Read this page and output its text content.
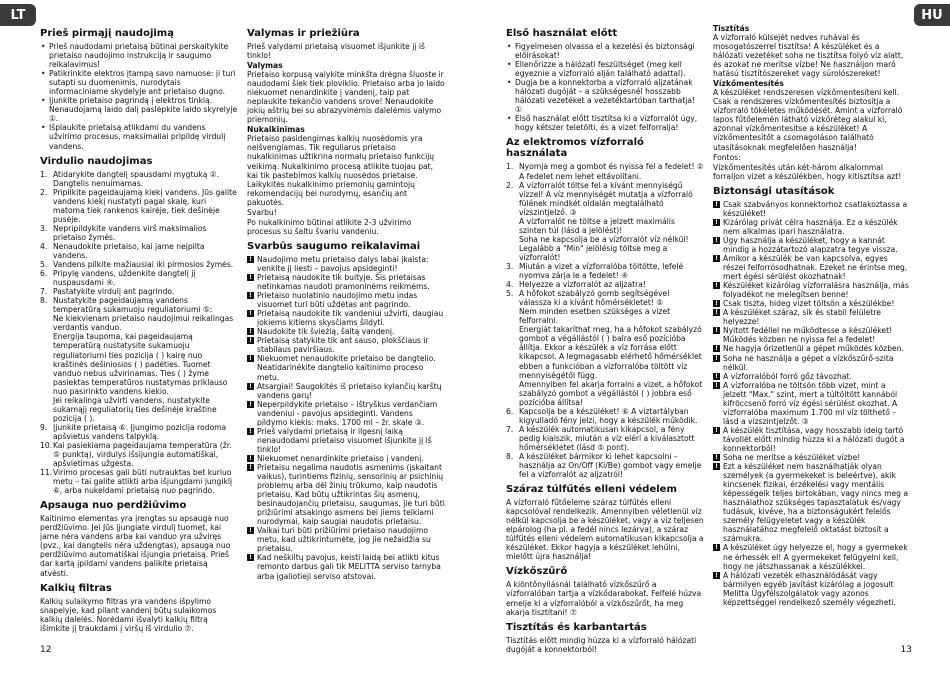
LT	HU
Prieš pirmąjį naudojimą
• Prieš naudodami prietaisą būtinai perskaitykite prietaiso naudojimo instrukciją ir saugumo reikalavimus!
• Patikrinkite elektros įtampą savo namuose: ji turi sutapti su duomenimis, nurodytais informaciniame skydelyje ant prietaiso dugno.
• Įjunkite prietaiso pagrindą į elektros tinklą. Nenaudojamą laido dalį paslėpkite laido skyrelyje ①.
• Išplaukite prietaisą atlikdami du vandens užvirimo procesus, maksimaliai pripildę virdulį vandens.
Virdulio naudojimas
1. Atidarykite dangtelį spausdami mygtuką ②. Dangtelis nenuimamas.
2. Pripilkite pageidaujamą kiekį vandens. Jūs galite vandens kiekį nustatyti pagal skalę, kuri matoma tiek rankenos kairėje, tiek dešinėje pusėje.
3. Nepripildykite vandens virš maksimalios prietaiso žymės.
4. Nenaudokite prietaiso, kai jame neįpilta vandens.
5. Vandens pilkite mažiausiai iki pirmosios žymės.
6. Pripylę vandens, uždenkite dangtelį jį nuspausdami ④.
7. Pastatykite virdulį ant pagrindo.
8. Nustatykite pageidaujamą vandens temperatūrą sukamuoju reguliatoriumi ⑤:
Ne kiekvienam prietaiso naudojimui reikalingas verdantis vanduo.
Energija taupoma, kai pageidaujamą temperatūrą nustatysite sukamuoju reguliatoriumi ties pozicija ( ) kairę nuo kraštinės dešiniosios ( ) padėties. Tuomet vanduo nebus užvirinamas. Ties ( ) žyme pasiektas temperatūros nustatymas priklauso nuo pasirinkto vandens kiekio.
Jei reikalinga užvirti vandens, nustatykite sukamąjį reguliatorių ties dešinėje kraštine pozicija ( ).
9. Įjunkite prietaisą ⑥. Įjungimo pozicija rodoma apšvietus vandens talpyklą.
10. Kai pasiekiama pageidaujama temperatūra (žr. ⑤ punktą), virdulys išsijungia automatiškai, apšvietimas užgesta.
11. Virimo procesas gali būti nutrauktas bet kuriuo metu – tai galite atlikti arba išjungdami jungiklį ⑥, arba nukeldami prietaisą nuo pagrindo.
Apsauga nuo perdžiūvimo

Kaitinimo elementas yra įrengtas su apsauga nuo perdžiūvimo. Jei Jūs įjungiate virdulį tuomet, kai jame nėra vandens arba kai vanduo yra užviręs (pvz., kai dangtelis nėra uždengtas), apsauga nuo perdžiūvimo automatiškai išjungia prietaisą. Prieš dar kartą įpildami vandens palikite prietaisą atvėsti.

Kalkių filtras

Kalkių sulaikymo filtras yra vandens išpylimo snapelyje, kad pilant vandenį būtų sulaikomos kalkių dalelės. Norėdami išvalyti kalkių filtrą išimkite jį traukdami į viršų iš virdulio ⑦.

Valymas ir priežiūra

Prieš valydami prietaisą visuomet išjunkite jį iš tinklo!

Valymas

Prietaiso korpusą valykite minkšta drėgna šluoste ir naudodami šiek tiek ploviklio. Prietaiso arba jo laido niekuomet nenardinkite į vandenį, taip pat neplaukite tekančio vandens srove! Nenaudokite jokių aštrių bei su abrazyvinėmis dalelėmis valymo priemonių.

Nukalkinimas

Prietaiso pasidengimas kalkių nuosėdomis yra neišvengiamas. Tik reguliarus prietaiso nukalkinimas užtikrina normalų prietaiso funkcijų veikimą. Nukalkinimo procesą atlikite tuojau pat, kai tik pastebimos kalkių nuosėdos prietaise. Laikykitės nukalkinimo priemonių gamintojų rekomendacijų bei nurodymų, esančių ant pakuotės.

Svarbu!

Po nukalkinimo būtinai atlikite 2-3 užvirimo procesus su šaltu švariu vandeniu.

Svarbūs saugumo reikalavimai
! Naudojimo metu prietaiso dalys labai įkaista: venkite jį liesti – pavojus apsideginti!
! Prietaisą naudokite tik buityje. Šis prietaisas netinkamas naudoti pramoninėms reikmėms.
! Prietaiso nuolatinio naudojimo metu indas visuomet turi būti uždėtas ant pagrindo.
! Prietaisą naudokite tik vandeniui užvirti, daugiau jokiems kitiems skysčiams šildyti.
! Naudokite tik švieżią, šaltą vandenį.
! Prietaisą statykite tik ant sauso, plokščiaus ir stabilaus paviršiaus.
! Niekuomet nenaudokite prietaiso be dangtelio. Neatidarinėkite dangtelio kaitinimo proceso metu.
! Atsargiai! Saugokitės iš prietaiso kylančių karštų vandens garų!
! Neperpildykite prietaiso – ištryškus verdančiam vandeniui - pavojus apsideginti. Vandens pildymo kiekis: maks. 1700 ml – žr. skale ③.
! Prieš valydami prietaisą ir ilgesnį laiką nenaudodami prietaiso visuomet išjunkite jį iš tinklo!
! Niekuomet nenardinkite prietaiso į vandenį.
! Prietaisu negalima naudotis asmenims (įskaitant vaikus), turintiems fizinių, sensorinių ar psichinių problemų arba dėl žinių trūkumo, kaip naudotis prietaisu. Kad būtų užtikrintas šių asmenų, besinaudojančių prietaisu, saugumas, jie turi būti prižiūrimi atsakingo asmens bei jiems teikiami nurodymai, kaip saugiai naudotis prietaisu.
! Vaikai turi būti prižiūrimi prietaiso naudojimo metu, kad užtikrintumėte, jog jie nežaidžia su prietaisu.
! Kad neškiltų pavojus, keisti laidą bei atlikti kitus remonto darbus gali tik MELITTA serviso tarnyba arba įgaliotieji serviso atstovai.
Első használat előtt
• Figyelmesen olvassa el a kezelési és biztonsági előírásokat!
• Ellenőrizze a hálózati feszültséget (meg kell egyeznie a vízforraló alján található adattal).
• Dugja be a konnektorba a vízforraló aljzatának hálózati dugóját – a szükségesnél hosszabb hálózati vezetéket a vezetéktartóban tarthatja! ①
• Első használat előtt tisztítsa ki a vízforralót úgy, hogy kétszer teletölti, és a vizet felforralja!
Az elektromos vízforraló használata
1. Nyomja meg a gombot és nyissa fel a fedelet! ② A fedelet nem lehet eltávolítani.
2. A vízforralót töltse fel a kívánt mennyiségű vízzel! A víz mennyiségét mutatja a vízforraló fülének mindkét oldalán megtalálható vízszintjelző. ③
A vízforralót ne töltse a jelzett maximális szinten túl (lásd a jelölést)!
Soha ne kapcsolja be a vízforralót víz nélkül! Legalább a "Min" jelölésig töltse meg a vízforralót!
3. Miután a vizet a vízforralóba töltötte, lefelé nyomva zárja le a fedelet! ④
4. Helyezze a vízforralót az aljzatra!
5. A hőfokot szabályzó gomb segítségével válassza ki a kívánt hőmérsékletet! ⑤
Nem minden esetben szükséges a vizet felforralni.
Energiát takaríthat meg, ha a hőfokot szabályzó gombot a végállástól ( ) balra eső pozícióba állítja. Ekkor a készülék a víz forrása előtt kikapcsol. A legmagasabb elérhető hőmérséklet ebben a funkcióban a vízforralóba töltött víz mennyiségétől függ.
Amennyiben fel akarja forralni a vizet, a hőfokot szabályzó gombot a végállástól ( ) jobbra eső pozícióba állítsa!
6. Kapcsolja be a készüléket! ⑥ A víztartályban kigyulladó fény jelzi, hogy a készülék működik.
7. A készülék automatikusan kikapcsol, a fény pedig kialszik, miután a víz elérí a kiválasztott hőmérsékletet (lásd ⑤ pont).
8. A készüléket bármikor ki lehet kapcsolni – használja az On/Off (Ki/Be) gombot vagy emelje fel a vízforralót az aljzatról!
Száraz túlfűtés elleni védelem

A vízforraló fűtőeleme száraz túlfűtés elleni kapcsolóval rendelkezik. Amennyiben véletlenül víz nélkül kapcsolja be a készüléket, vagy a víz teljesen elpárolog (ha pl. a fedél nincs lezárva), a száraz túlfűtés elleni védelem automatikusan kikapcsolja a készüléket. Ekkor hagyja a készüléket lehűlni, mielőtt újra használja!

Vízkőszűrő

A kiöntőnyílásnál található vízkőszűrő a vízforralóban tartja a vízkődarabokat. Felfelé húzva emelje ki a vízforralóból a vízkőszűrőt, ha meg akarja tisztítani! ⑦

Tisztítás és karbantartás

Tisztítás előtt mindig húzza ki a vízforraló hálózati dugóját a konnektorból!

Tisztítás

A vízforraló külsejét nedves ruhával és mosogatószerrel tisztítsa! A készüléket és a hálózati vezetéket soha ne tisztítsa folyó víz alatt, és azokat ne merítse vízbe! Ne használjon maró hatású tisztítószereket vagy súrolószereket!

Vízkőmentesítés

A készüléket rendszeresen vízkőmentesíteni kell. Csak a rendszeres vízkőmentesítés biztosítja a vízforraló tökéletes működését. Amint a vízforraló lapos fűtőelemén látható vízkőréteg alakul ki, azonnal vízkőmentesítse a készüléket! A vízkőmentesítőt a csomagoláson található utasításoknak megfelelően használja!

Fontos:

Vízkőmentesítés után két-három alkalommal forraljon vizet a készülékben, hogy kitisztítsa azt!

Biztonsági utasítások
! Csak szabványos konnektorhoz csatlakoztassa a készüléket!
! Kizárólag privát célra használja. Ez a készülék nem alkalmas ipari használatra.
! Úgy használja a készüléket, hogy a kannát mindig a hozzátartozó alapzatra tegye vissza.
! Amikor a készülék be van kapcsolva, egyes részei felforrósodhatnak. Ezeket ne érintse meg, mert égési sérülést okozhatnak!
! Készüléket kizárólag vízforralásra használja, más folyadékot ne melegítsen benne!
! Csak tiszta, hideg vizet töltsön a készülékbe!
! A készüléket száraz, sík és stabil felületre helyezze!
! Nyitott fedéllel ne működtesse a készüléket! Működés közben ne nyissa fel a fedelet!
! Ne hagyja őrizetlenül a gépet működés közben.
! Soha ne használja a gépet a vízkőszűrő-szita nélkül.
! A vízforralóból forró gőz távozhat.
! A vízforralóba ne töltsön több vizet, mint a jelzett "Max." szint, mert a túltöltött kannából kifröccsenő forró víz égési sérülést okozhat. A vízforralóba maximum 1.700 ml víz tölthető – lásd a vízszintjelzőt. ③
! A készülék tisztítása, vagy hosszabb ideig tartó távollét előtt mindig húzza ki a hálózati dugót a konnektorból!
! Soha ne merítse a készüléket vízbe!
! Ezt a készüléket nem használhatják olyan személyek (a gyermekeket is beleértve), akik kincsenek fizikai, érzékelési vagy mentális képességeik teljes birtokában, vagy nincs meg a használathoz szükséges tapasztalatuk és/vagy tudásuk, kivéve, ha a biztonságukért felelős személy felügyeletet vagy a készülék használatához megfelelő oktatást biztosít a számukra.
! A készüléket úgy helyezze el, hogy a gyermekek ne érhessék el! A gyermekeket felügyelni kell, hogy ne játszhassanak a készülékkel.
! A hálózati vezeték elhasználódását vagy bármilyen egyéb javítást kizárólag a jogosult Melitta Ügyfélszolgálatok vagy azonos képzettséggel rendelkező személy végezheti.
12	13
